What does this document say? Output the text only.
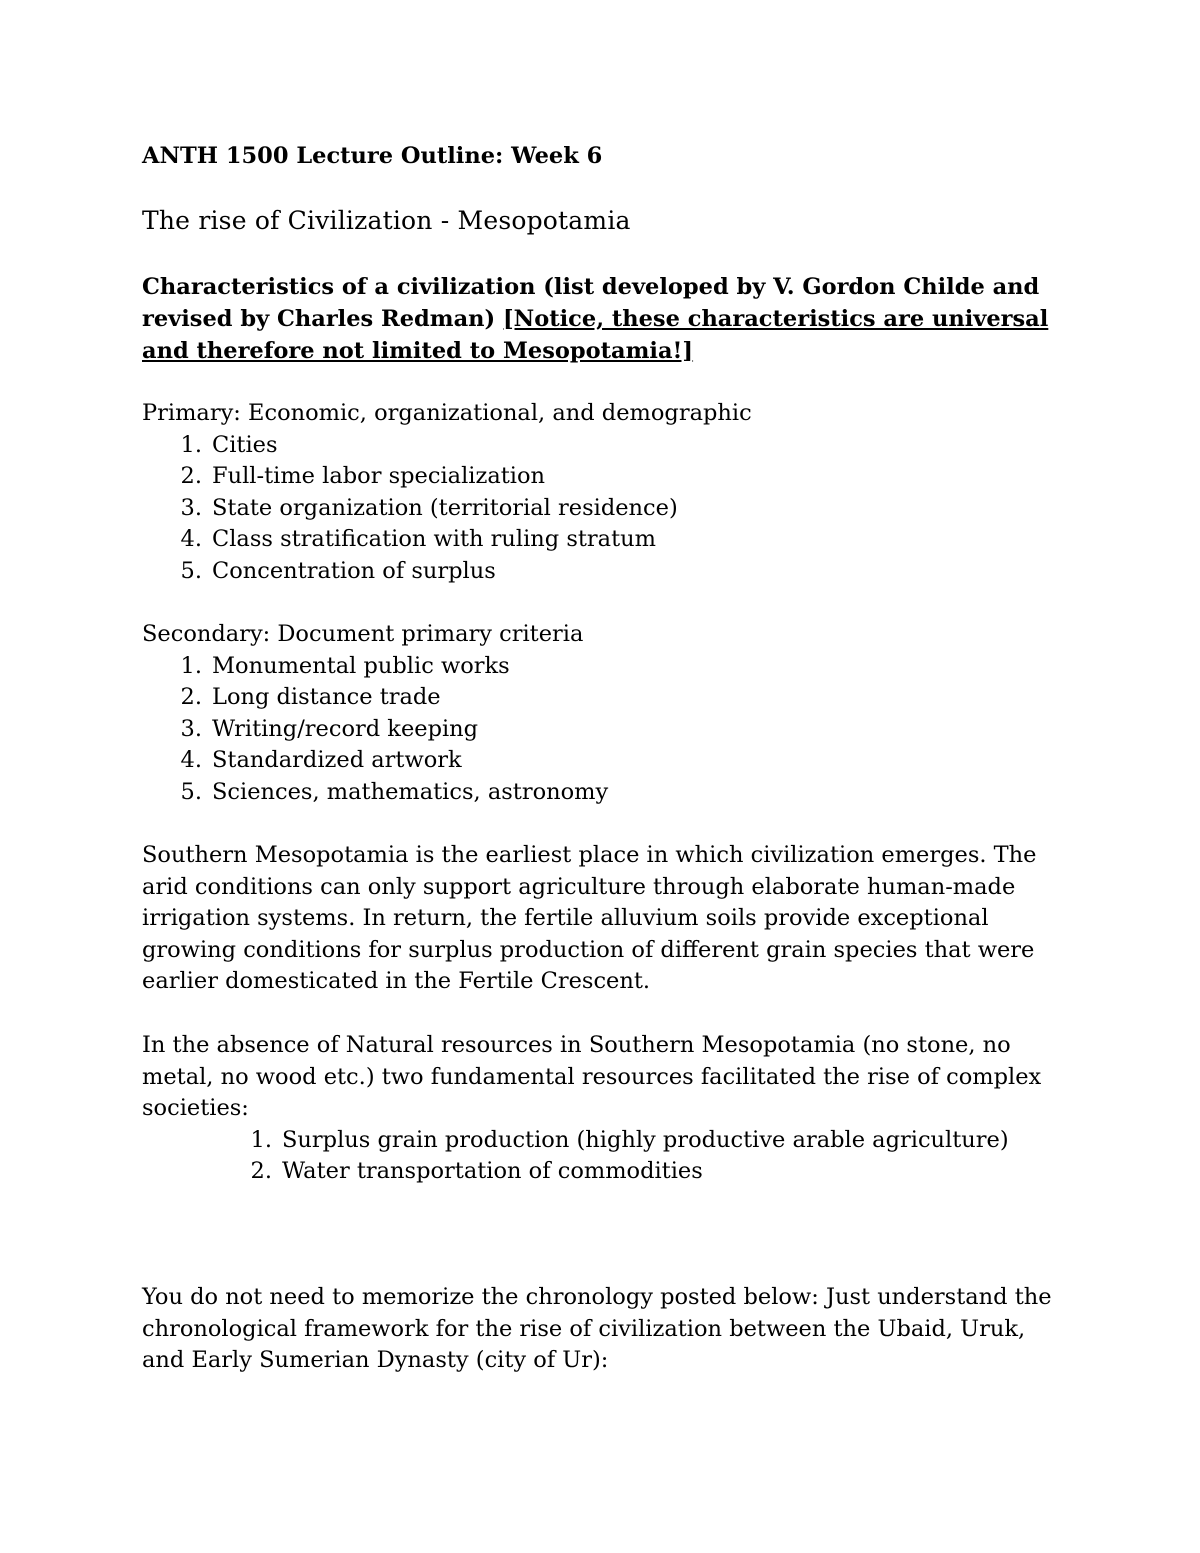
ANTH 1500 Lecture Outline: Week 6
The rise of Civilization - Mesopotamia
Characteristics of a civilization (list developed by V. Gordon Childe and revised by Charles Redman) [Notice, these characteristics are universal and therefore not limited to Mesopotamia!]

Primary: Economic, organizational, and demographic

1. Cities
2. Full-time labor specialization
3. State organization (territorial residence)
4. Class stratification with ruling stratum
5. Concentration of surplus

Secondary: Document primary criteria

1. Monumental public works
2. Long distance trade
3. Writing/record keeping
4. Standardized artwork
5. Sciences, mathematics, astronomy
Southern Mesopotamia is the earliest place in which civilization emerges. The arid conditions can only support agriculture through elaborate human-made irrigation systems. In return, the fertile alluvium soils provide exceptional growing conditions for surplus production of different grain species that were earlier domesticated in the Fertile Crescent.

In the absence of Natural resources in Southern Mesopotamia (no stone, no metal, no wood etc.) two fundamental resources facilitated the rise of complex societies:

1. Surplus grain production (highly productive arable agriculture)
2. Water transportation of commodities
You do not need to memorize the chronology posted below: Just understand the chronological framework for the rise of civilization between the Ubaid, Uruk, and Early Sumerian Dynasty (city of Ur):
